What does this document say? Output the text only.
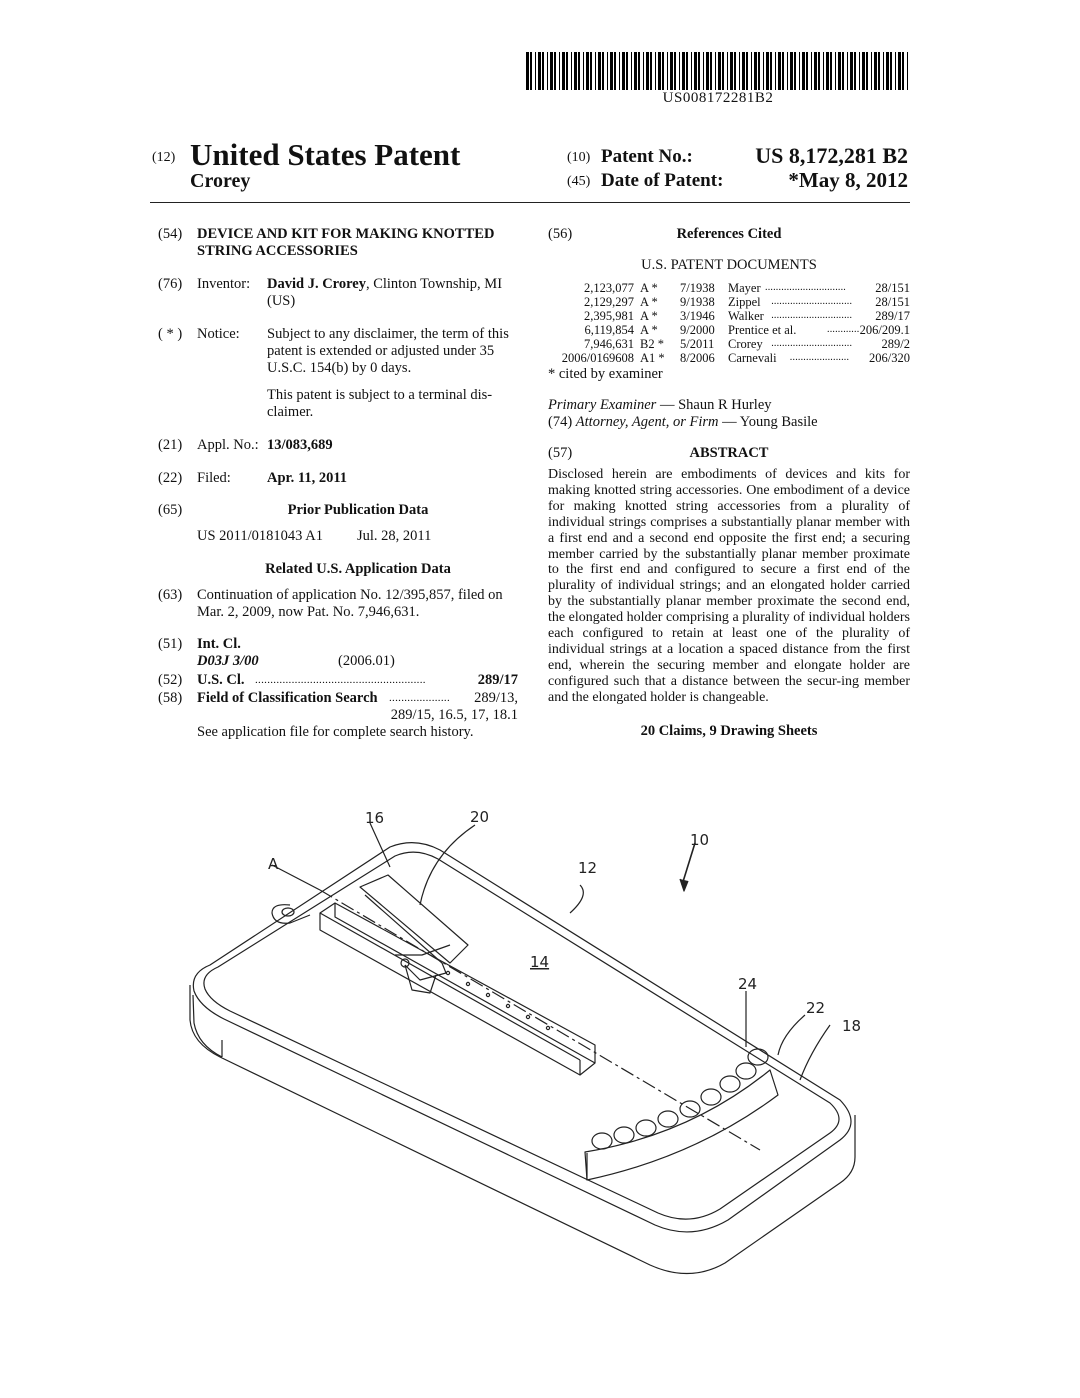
US008172281B2
(12) United States Patent
Crorey
(10) Patent No.:	US 8,172,281 B2
(45) Date of Patent:	*May 8, 2012
(54) DEVICE AND KIT FOR MAKING KNOTTED
STRING ACCESSORIES
(76) Inventor: David J. Crorey, Clinton Township, MI
(US)
( * ) Notice: Subject to any disclaimer, the term of this
patent is extended or adjusted under 35
U.S.C. 154(b) by 0 days.
This patent is subject to a terminal dis-
claimer.
(21) Appl. No.: 13/083,689
(22) Filed: Apr. 11, 2011
(65)	Prior Publication Data
US 2011/0181043 A1 Jul. 28, 2011
Related U.S. Application Data
(63) Continuation of application No. 12/395,857, filed on
Mar. 2, 2009, now Pat. No. 7,946,631.
(51) Int. Cl.
D03J 3/00	(2006.01)
(52) U.S. Cl. ........................................................	289/17
(58) Field of Classification Search .................... 289/13,
289/15, 16.5, 17, 18.1
See application file for complete search history.
(56)	References Cited
U.S. PATENT DOCUMENTS
2,123,077 A * 7/1938 Mayer .............................. 28/151
2,129,297 A * 9/1938 Zippel .............................. 28/151
2,395,981 A * 3/1946 Walker .............................. 289/17
6,119,854 A * 9/2000 Prentice et al.	............ 206/209.1
7,946,631 B2 * 5/2011 Crorey .............................. 289/2
2006/0169608 A1 * 8/2006 Carnevali ...................... 206/320
* cited by examiner
Primary Examiner — Shaun R Hurley
(74) Attorney, Agent, or Firm — Young Basile
(57)	ABSTRACT
Disclosed herein are embodiments of devices and kits for making knotted string accessories. One embodiment of a device for making knotted string accessories from a plurality of individual strings comprises a substantially planar member with a first end and a second end opposite the first end; a securing member carried by the substantially planar member proximate to the first end and configured to secure a first end of the plurality of individual strings; and an elongated holder carried by the substantially planar member proximate the second end, the elongated holder comprising a plurality of individual holders each configured to retain at least one of the plurality of individual strings at a location a spaced distance from the first end, wherein the securing member and elongate holder are configured such that a distance between the secur-ing member and the elongated holder is changeable.
20 Claims, 9 Drawing Sheets
16	20
10
12
A
14
24
22
18
